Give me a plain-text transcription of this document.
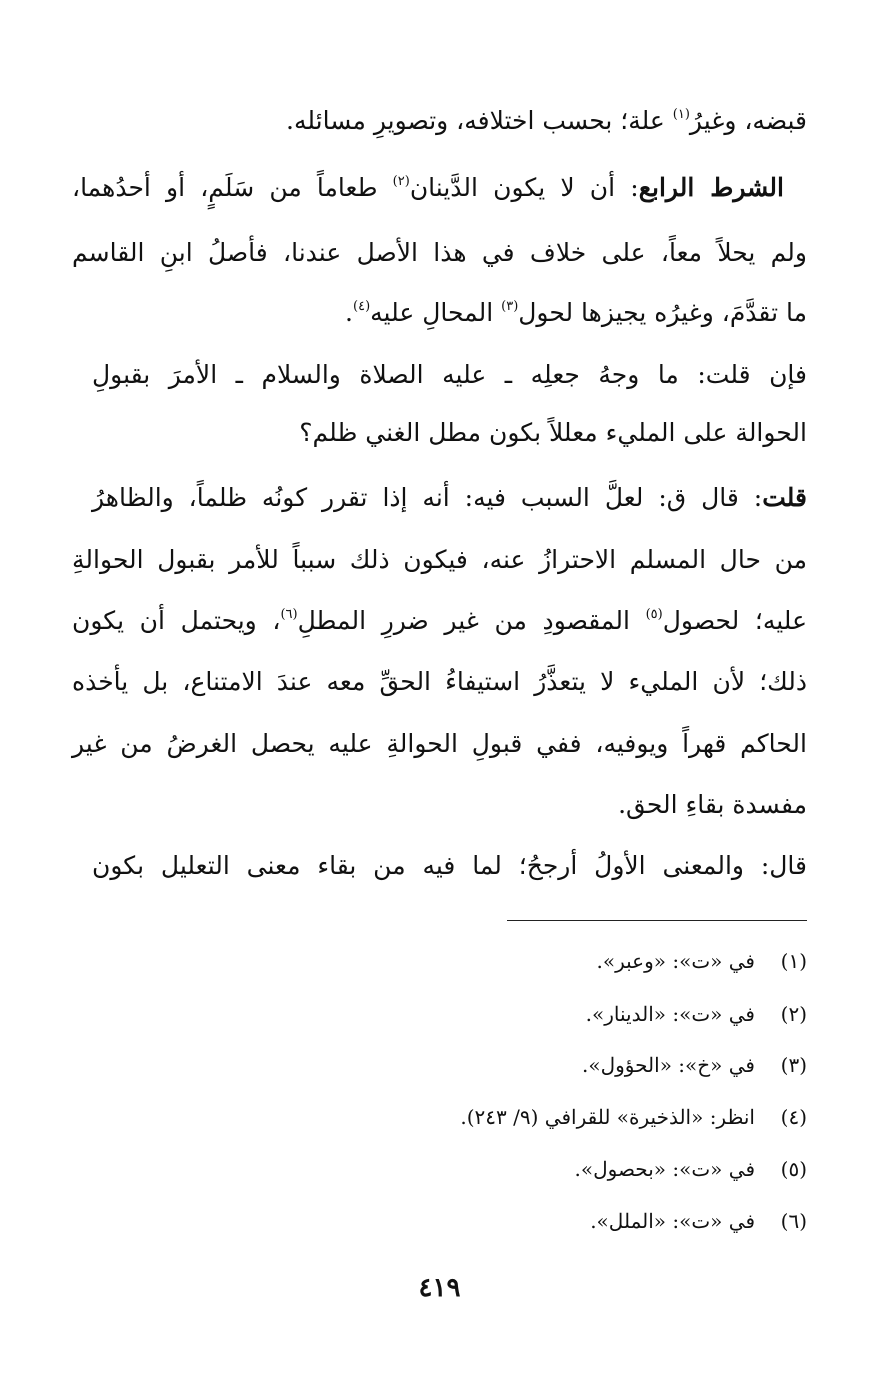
قبضه، وغيرُ$^{(١)}$ علة؛ بحسب اختلافه، وتصويرِ مسائله.
الشرط الرابع: أن لا يكون الدَّينان$^{(٢)}$ طعاماً من سَلَمٍ، أو أحدُهما،
ولم يحلاً معاً، على خلاف في هذا الأصل عندنا، فأصلُ ابنِ القاسم
ما تقدَّمَ، وغيرُه يجيزها لحول$^{(٣)}$ المحالِ عليه$^{(٤)}$.
فإن قلت: ما وجهُ جعلِه ـ عليه الصلاة والسلام ـ الأمرَ بقبولِ
الحوالة على المليء معللاً بكون مطل الغني ظلم؟
قلت: قال ق: لعلَّ السبب فيه: أنه إذا تقرر كونُه ظلماً، والظاهرُ
من حال المسلم الاحترازُ عنه، فيكون ذلك سبباً للأمر بقبول الحوالةِ
عليه؛ لحصول$^{(٥)}$ المقصودِ من غير ضررِ المطلِ$^{(٦)}$، ويحتمل أن يكون
ذلك؛ لأن المليء لا يتعذَّرُ استيفاءُ الحقِّ معه عندَ الامتناع، بل يأخذه
الحاكم قهراً ويوفيه، ففي قبولِ الحوالةِ عليه يحصل الغرضُ من غير
مفسدة بقاءِ الحق.
قال: والمعنى الأولُ أرجحُ؛ لما فيه من بقاء معنى التعليل بكون
(١)في «ت»: «وعبر».
(٢)في «ت»: «الدينار».
(٣)في «خ»: «الحؤول».
(٤)انظر: «الذخيرة» للقرافي (٩/ ٢٤٣).
(٥)في «ت»: «بحصول».
(٦)في «ت»: «الملل».
٤١٩
